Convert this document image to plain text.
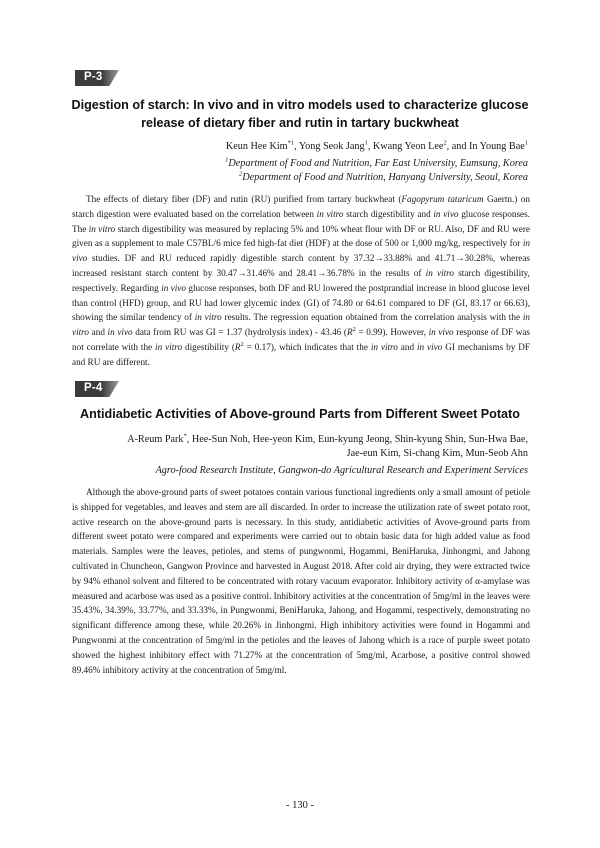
P-3
Digestion of starch: In vivo and in vitro models used to characterize glucose
release of dietary fiber and rutin in tartary buckwheat
Keun Hee Kim$^{*1}$, Yong Seok Jang$^1$, Kwang Yeon Lee$^2$, and In Young Bae$^1$
$^1$Department of Food and Nutrition, Far East University, Eumsung, Korea
$^2$Department of Food and Nutrition, Hanyang University, Seoul, Korea

The effects of dietary fiber (DF) and rutin (RU) purified from tartary buckwheat (Fagopyrum tataricum Gaertn.) on starch digestion were evaluated based on the correlation between in vitro starch digestibility and in vivo glucose responses. The in vitro starch digestibility was measured by replacing 5% and 10% wheat flour with DF or RU. Also, DF and RU were given as a supplement to male C57BL/6 mice fed high-fat diet (HDF) at the dose of 500 or 1,000 mg/kg, respectively for in vivo studies. DF and RU reduced rapidly digestible starch content by 37.32→33.88% and 41.71→30.28%, whereas increased resistant starch content by 30.47→31.46% and 28.41→36.78% in the results of in vitro starch digestibility, respectively. Regarding in vivo glucose responses, both DF and RU lowered the postprandial increase in blood glucose level than control (HFD) group, and RU had lower glycemic index (GI) of 74.80 or 64.61 compared to DF (GI, 83.17 or 66.63), showing the similar tendency of in vitro results. The regression equation obtained from the correlation analysis with the in vitro and in vivo data from RU was GI = 1.37 (hydrolysis index) - 43.46 $(R^2 = 0.99)$. However, in vivo response of DF was not correlate with the in vitro digestibility $(R^2 = 0.17)$, which indicates that the in vitro and in vivo GI mechanisms by DF and RU are different.

P-4
Antidiabetic Activities of Above-ground Parts from Different Sweet Potato
A-Reum Park*, Hee-Sun Noh, Hee-yeon Kim, Eun-kyung Jeong, Shin-kyung Shin, Sun-Hwa Bae,
Jae-eun Kim, Si-chang Kim, Mun-Seob Ahn
Agro-food Research Institute, Gangwon-do Agricultural Research and Experiment Services

Although the above-ground parts of sweet potatoes contain various functional ingredients only a small amount of petiole is shipped for vegetables, and leaves and stem are all discarded. In order to increase the utilization rate of sweet potato root, active research on the above-ground parts is necessary. In this study, antidiabetic activities of Avove-ground parts from different sweet potato were compared and experiments were carried out to obtain basic data for high added value as food materials. Samples were the leaves, petioles, and stems of pungwonmi, Hogammi, BeniHaruka, Jinhongmi, and Jahong cultivated in Chuncheon, Gangwon Province and harvested in August 2018. After cold air drying, they were extracted twice by 94% ethanol solvent and filtered to be concentrated with rotary vacuum evaporator. Inhibitory activity of α-amylase was measured and acarbose was used as a positive control. Inhibitory activities at the concentration of 5mg/ml in the leaves were 35.43%, 34.39%, 33.77%, and 33.33%, in Pungwonmi, BeniHaruka, Jahong, and Hogammi, respectively, demonstrating no significant difference among these, while 20.26% in Jinhongmi. High inhibitory activities were found in Hogammi and Pungwonmi at the concentration of 5mg/ml in the petioles and the leaves of Jahong which is a race of purple sweet potato showed the highest inhibitory effect with 71.27% at the concentration of 5mg/ml, Acarbose, a positive control showed 89.46% inhibitory activity at the concentration of 5mg/ml.

- 130 -
